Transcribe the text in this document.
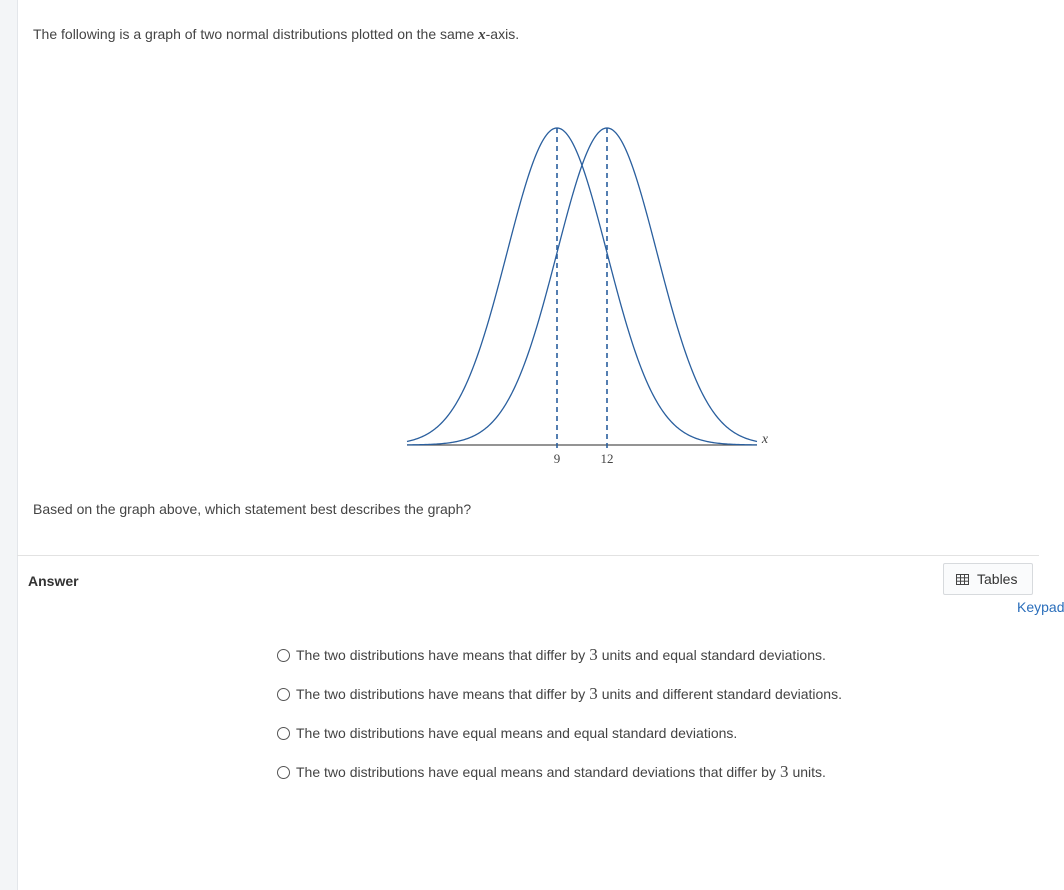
The following is a graph of two normal distributions plotted on the same x-axis.
9	12
x
Based on the graph above, which statement best describes the graph?
Answer	Tables
Keypad
The two distributions have means that differ by 3 units and equal standard deviations.
The two distributions have means that differ by 3 units and different standard deviations.
The two distributions have equal means and equal standard deviations.
The two distributions have equal means and standard deviations that differ by 3 units.
